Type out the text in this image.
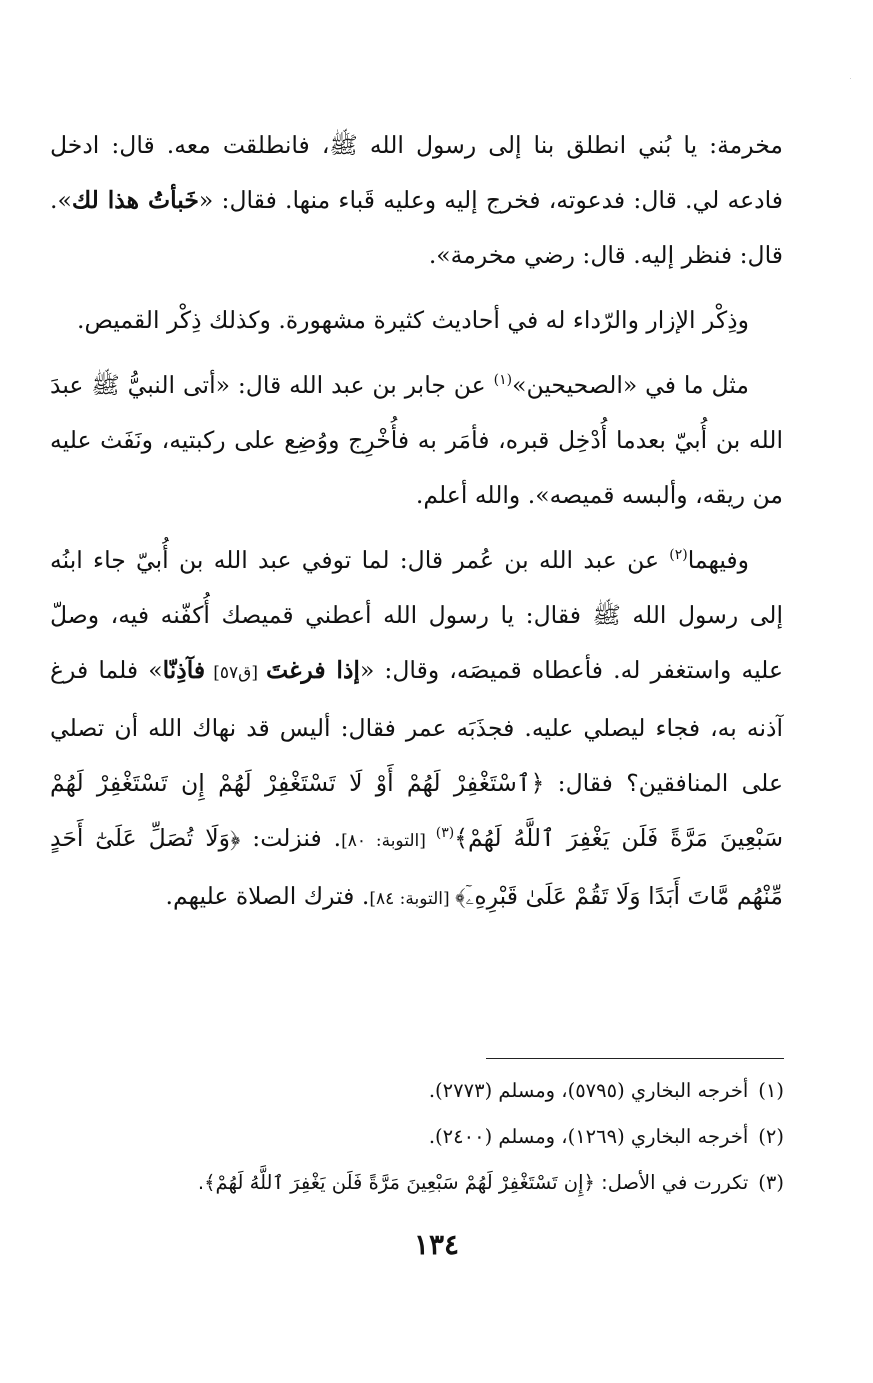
مخرمة: يا بُني انطلق بنا إلى رسول الله ﷺ، فانطلقت معه. قال: ادخل فادعه لي. قال: فدعوته، فخرج إليه وعليه قَباء منها. فقال: «خَبأتُ هذا لك». قال: فنظر إليه. قال: رضي مخرمة».

وذِكْر الإزار والرّداء له في أحاديث كثيرة مشهورة. وكذلك ذِكْر القميص.

مثل ما في «الصحيحين»$^{(١)}$ عن جابر بن عبد الله قال: «أتى النبيُّ ﷺ عبدَ الله بن أُبيّ بعدما أُدْخِل قبره، فأمَر به فأُخْرِج ووُضِع على ركبتيه، ونَفَث عليه من ريقه، وألبسه قميصه». والله أعلم.

وفيهما$^{(٢)}$ عن عبد الله بن عُمر قال: لما توفي عبد الله بن أُبيّ جاء ابنُه إلى رسول الله ﷺ فقال: يا رسول الله أعطني قميصك أُكفّنه فيه، وصلّ عليه واستغفر له. فأعطاه قميصَه، وقال: «إذا فرغتَ [ق٥٧] فآذِنّا» فلما فرغ آذنه به، فجاء ليصلي عليه. فجذَبَه عمر فقال: أليس قد نهاك الله أن تصلي على المنافقين؟ فقال: ﴿ٱسْتَغْفِرْ لَهُمْ أَوْ لَا تَسْتَغْفِرْ لَهُمْ إِن تَسْتَغْفِرْ لَهُمْ سَبْعِينَ مَرَّةً فَلَن يَغْفِرَ ٱللَّهُ لَهُمْ﴾$^{(٣)}$ [التوبة: ٨٠]. فنزلت: ﴿وَلَا تُصَلِّ عَلَىٰٓ أَحَدٍ مِّنْهُم مَّاتَ أَبَدًا وَلَا تَقُمْ عَلَىٰ قَبْرِهِۦٓ﴾ [التوبة: ٨٤]. فترك الصلاة عليهم.

(١)أخرجه البخاري (٥٧٩٥)، ومسلم (٢٧٧٣).
(٢)أخرجه البخاري (١٢٦٩)، ومسلم (٢٤٠٠).
(٣)تكررت في الأصل: ﴿إِن تَسْتَغْفِرْ لَهُمْ سَبْعِينَ مَرَّةً فَلَن يَغْفِرَ ٱللَّهُ لَهُمْ﴾.
١٣٤
